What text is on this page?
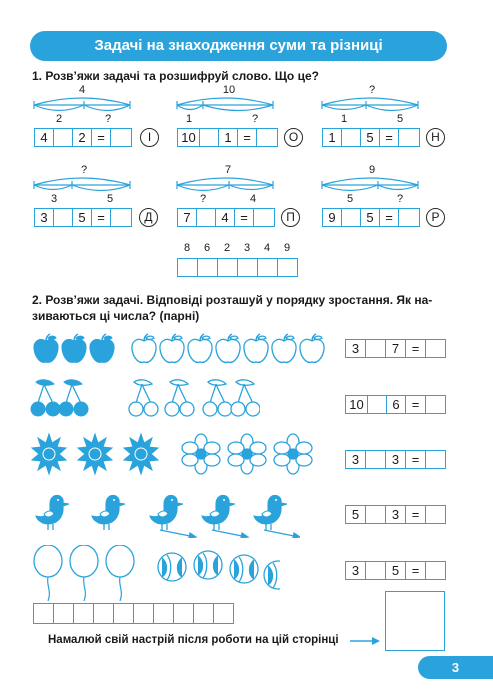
Задачі на знаходження суми та різниці
1. Розв’яжи задачі та розшифруй слово. Що це?
4
2	?
4	2 =	І
10
1	?
10	1 =	О
?
1	5
1	5 =	Н
?
3	5
3	5 =	Д
7
?	4
7	4 =	П
9
5	?
9	5 =	Р
8	6	2	3	4	9
2. Розв’яжи задачі. Відповіді розташуй у порядку зростання. Як на-
зиваються ці числа? (парні)
3	7 =
10	6 =
3	3 =
5	3 =
3	5 =
Намалюй свій настрій після роботи на цій сторінці
3
